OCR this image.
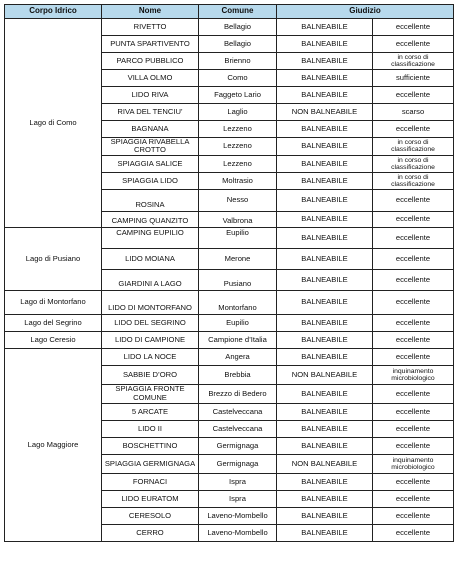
Corpo Idrico	Nome	Comune	Giudizio	
Lago di Como	RIVETTO	Bellagio	BALNEABILE	eccellente
	PUNTA SPARTIVENTO	Bellagio	BALNEABILE	eccellente
	PARCO PUBBLICO	Brienno	BALNEABILE	in corso di classificazione
	VILLA OLMO	Como	BALNEABILE	sufficiente
	LIDO RIVA	Faggeto Lario	BALNEABILE	eccellente
	RIVA DEL TENCIU’	Laglio	NON BALNEABILE	scarso
	BAGNANA	Lezzeno	BALNEABILE	eccellente
	SPIAGGIA RIVABELLA CROTTO	Lezzeno	BALNEABILE	in corso di classificazione
	SPIAGGIA SALICE	Lezzeno	BALNEABILE	in corso di classificazione
	SPIAGGIA LIDO	Moltrasio	BALNEABILE	in corso di classificazione
	ROSINA	Nesso	BALNEABILE	eccellente
	CAMPING QUANZITO	Valbrona	BALNEABILE	eccellente
Lago di Pusiano	CAMPING EUPILIO	Eupilio	BALNEABILE	eccellente
	LIDO MOIANA	Merone	BALNEABILE	eccellente
	GIARDINI A LAGO	Pusiano	BALNEABILE	eccellente
Lago di Montorfano	LIDO DI MONTORFANO	Montorfano	BALNEABILE	eccellente
Lago del Segrino	LIDO DEL SEGRINO	Eupilio	BALNEABILE	eccellente
Lago Ceresio	LIDO DI CAMPIONE	Campione d’Italia	BALNEABILE	eccellente
Lago Maggiore	LIDO LA NOCE	Angera	BALNEABILE	eccellente
	SABBIE D’ORO	Brebbia	NON BALNEABILE	inquinamento microbiologico
	SPIAGGIA FRONTE COMUNE	Brezzo di Bedero	BALNEABILE	eccellente
	5 ARCATE	Castelveccana	BALNEABILE	eccellente
	LIDO II	Castelveccana	BALNEABILE	eccellente
	BOSCHETTINO	Germignaga	BALNEABILE	eccellente
	SPIAGGIA GERMIGNAGA	Germignaga	NON BALNEABILE	inquinamento microbiologico
	FORNACI	Ispra	BALNEABILE	eccellente
	LIDO EURATOM	Ispra	BALNEABILE	eccellente
	CERESOLO	Laveno-Mombello	BALNEABILE	eccellente
	CERRO	Laveno-Mombello	BALNEABILE	eccellente
